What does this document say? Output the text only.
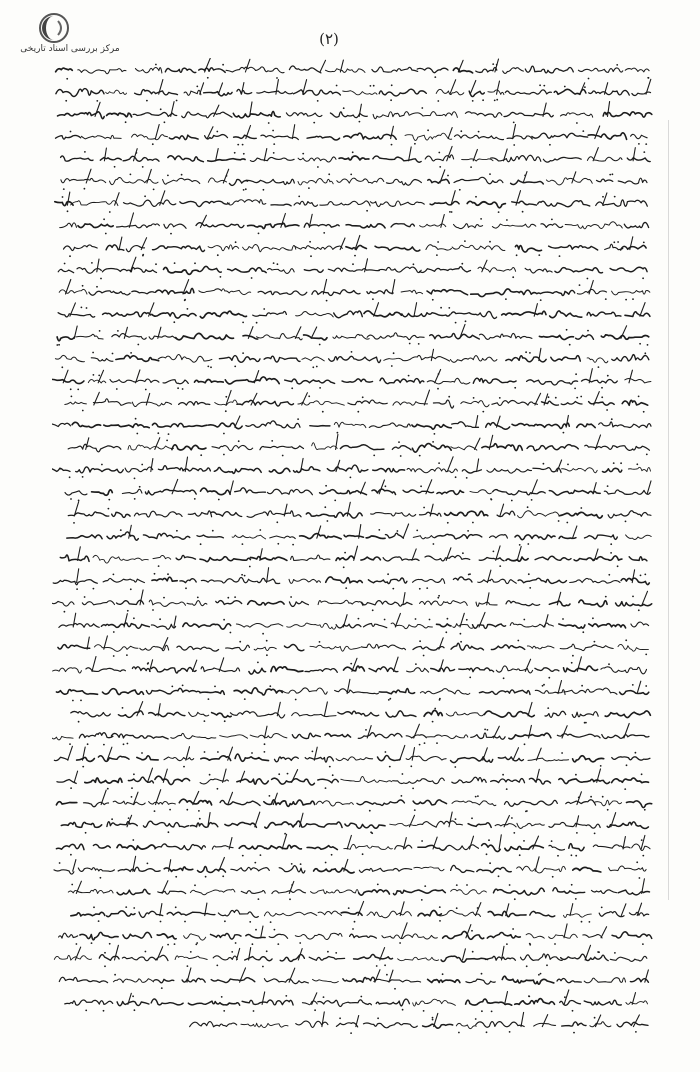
مرکز بررسی اسناد تاریخی
(۲)
